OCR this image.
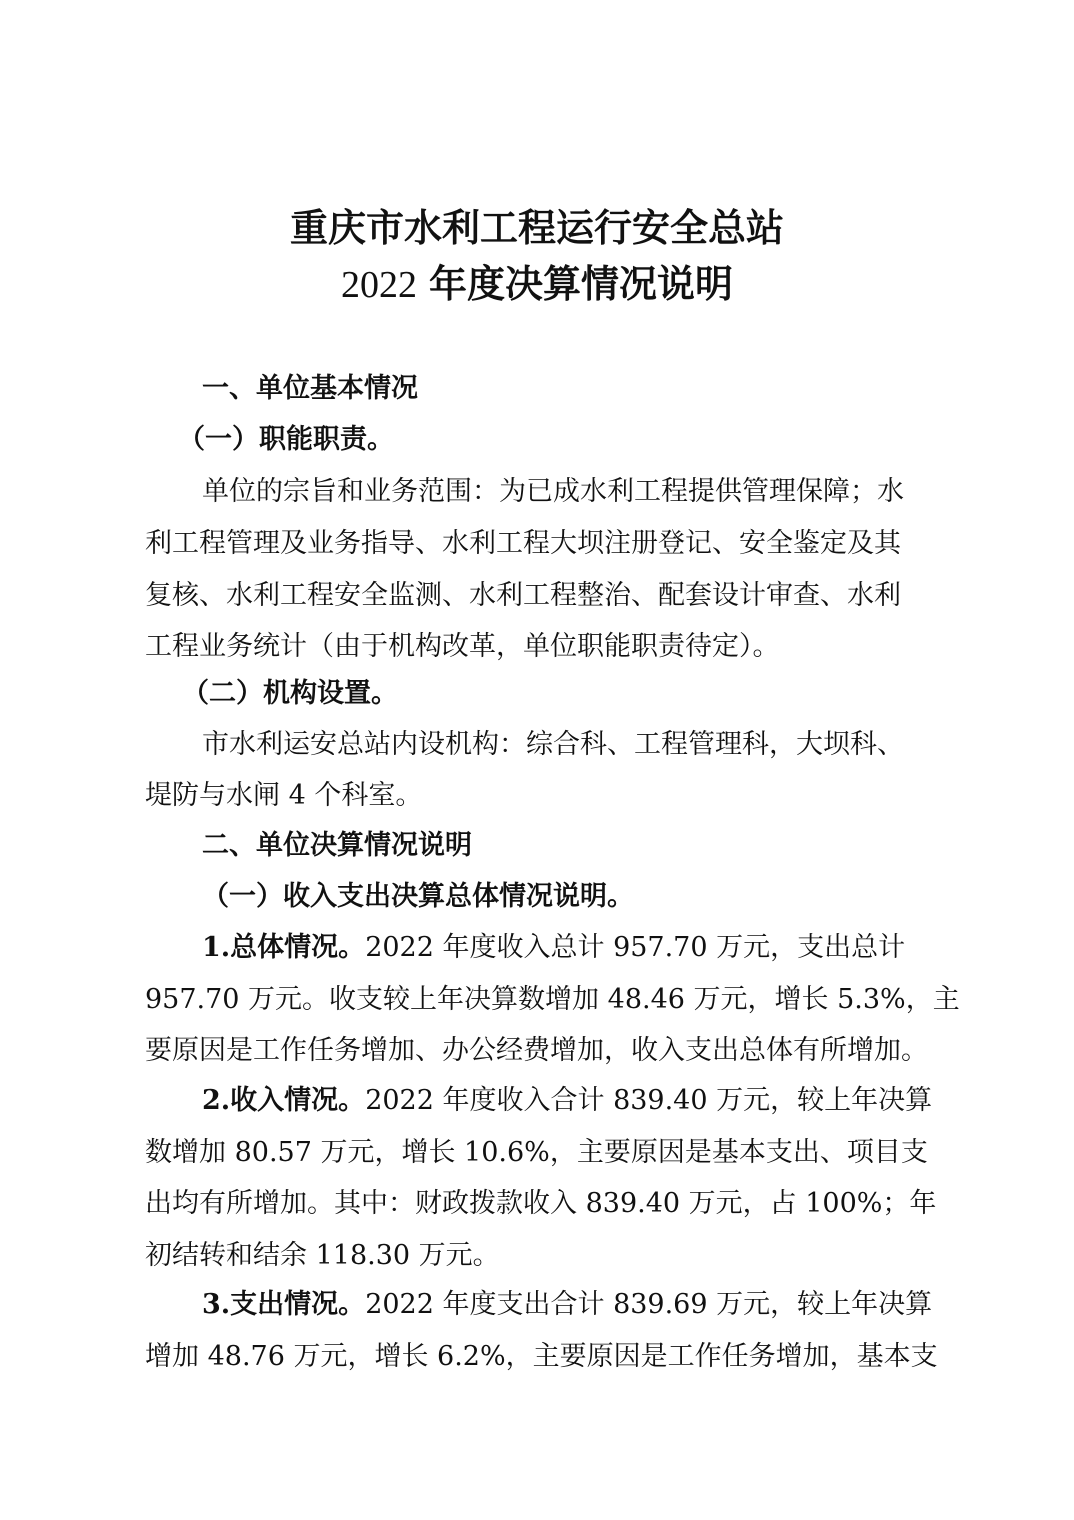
重庆市水利工程运行安全总站
2022 年度决算情况说明

一、单位基本情况

（一）职能职责。

单位的宗旨和业务范围：为已成水利工程提供管理保障；水

利工程管理及业务指导、水利工程大坝注册登记、安全鉴定及其

复核、水利工程安全监测、水利工程整治、配套设计审查、水利

工程业务统计（由于机构改革，单位职能职责待定）。

（二）机构设置。

市水利运安总站内设机构：综合科、工程管理科，大坝科、

堤防与水闸 4 个科室。

二、单位决算情况说明

（一）收入支出决算总体情况说明。

1.总体情况。2022 年度收入总计 957.70 万元，支出总计

957.70 万元。收支较上年决算数增加 48.46 万元，增长 5.3%，主

要原因是工作任务增加、办公经费增加，收入支出总体有所增加。

2.收入情况。2022 年度收入合计 839.40 万元，较上年决算

数增加 80.57 万元，增长 10.6%，主要原因是基本支出、项目支

出均有所增加。其中：财政拨款收入 839.40 万元，占 100%；年

初结转和结余 118.30 万元。

3.支出情况。2022 年度支出合计 839.69 万元，较上年决算

增加 48.76 万元，增长 6.2%，主要原因是工作任务增加，基本支
